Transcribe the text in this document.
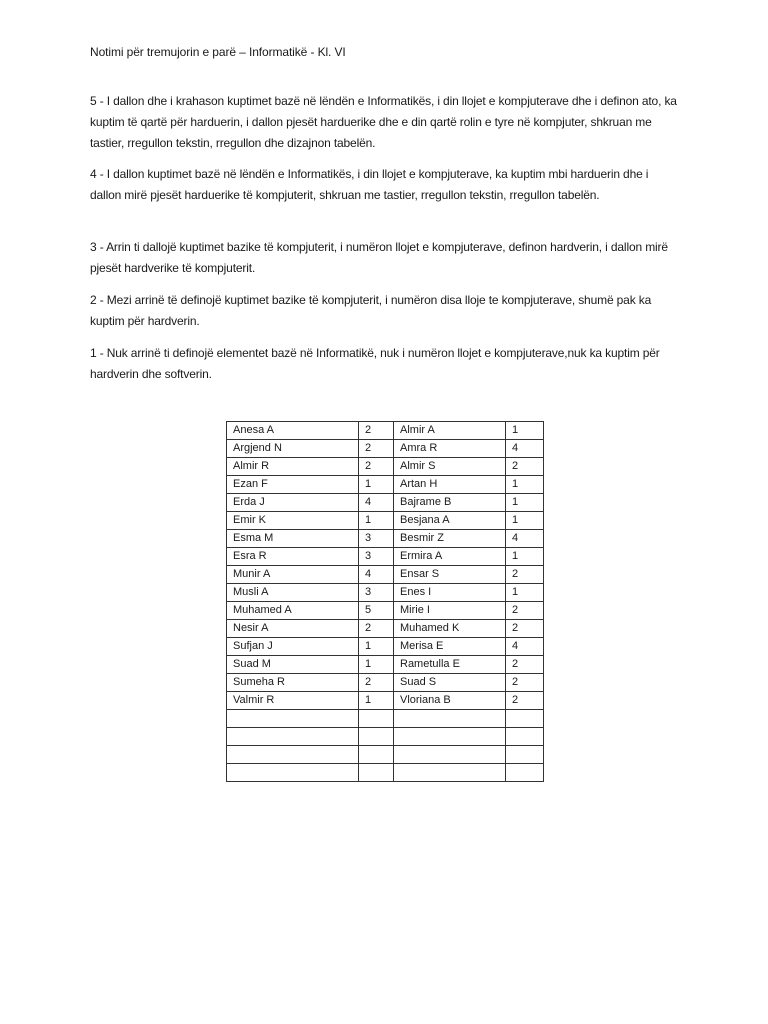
Notimi për tremujorin e parë – Informatikë - Kl. VI
5 - I dallon dhe i krahason kuptimet bazë në lëndën e Informatikës, i din llojet e kompjuterave dhe i definon ato, ka kuptim të qartë për harduerin, i dallon pjesët harduerike dhe e din qartë rolin e tyre në kompjuter, shkruan me tastier, rregullon tekstin, rregullon dhe dizajnon tabelën.
4 - I dallon kuptimet bazë në lëndën e Informatikës, i din llojet e kompjuterave, ka kuptim mbi harduerin dhe i dallon mirë pjesët harduerike të kompjuterit, shkruan me tastier, rregullon tekstin, rregullon tabelën.
3 - Arrin ti dallojë kuptimet bazike të kompjuterit, i numëron llojet e kompjuterave, definon hardverin, i dallon mirë pjesët hardverike të kompjuterit.
2 - Mezi arrinë të definojë kuptimet bazike të kompjuterit, i numëron disa lloje te kompjuterave, shumë pak ka kuptim për hardverin.
1 - Nuk arrinë ti definojë elementet bazë në Informatikë, nuk i numëron llojet e kompjuterave,nuk ka kuptim për hardverin dhe softverin.
Anesa A	2	Almir A	1
Argjend N	2	Amra R	4
Almir R	2	Almir S	2
Ezan F	1	Artan H	1
Erda J	4	Bajrame B	1
Emir K	1	Besjana A	1
Esma M	3	Besmir Z	4
Esra R	3	Ermira A	1
Munir A	4	Ensar S	2
Musli A	3	Enes I	1
Muhamed A	5	Mirie I	2
Nesir A	2	Muhamed K	2
Sufjan J	1	Merisa E	4
Suad M	1	Rametulla E	2
Sumeha R	2	Suad S	2
Valmir R	1	Vloriana B	2
